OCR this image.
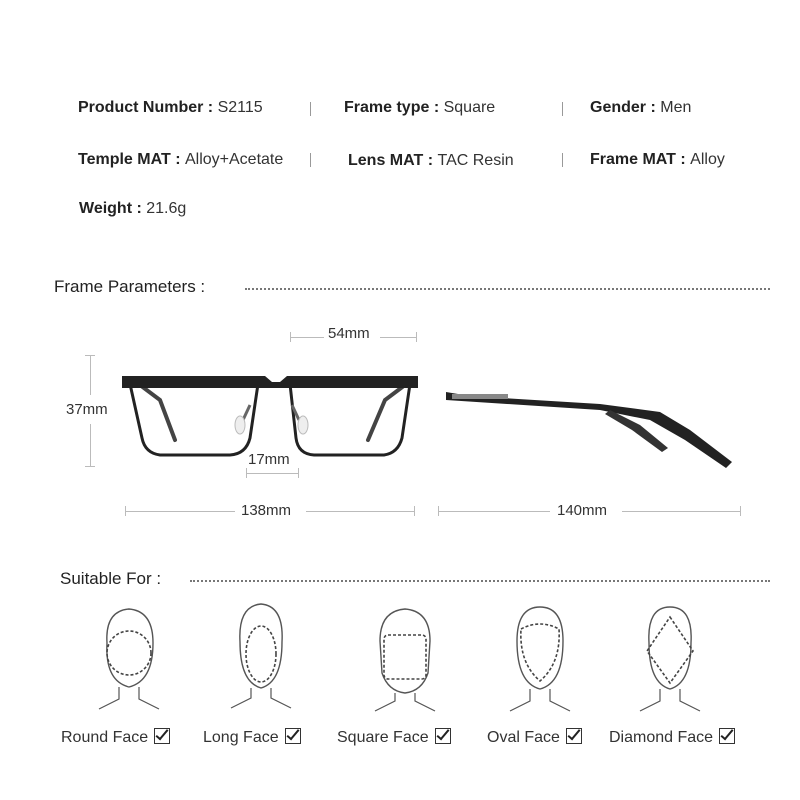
Product Number : S2115	Frame type : Square	Gender : Men
Temple MAT : Alloy+Acetate	Lens MAT : TAC Resin	Frame MAT : Alloy
Weight : 21.6g
Frame Parameters :
54mm
37mm
17mm
138mm	140mm
Suitable For :
Round Face	Long Face	Square Face	Oval Face	Diamond Face
